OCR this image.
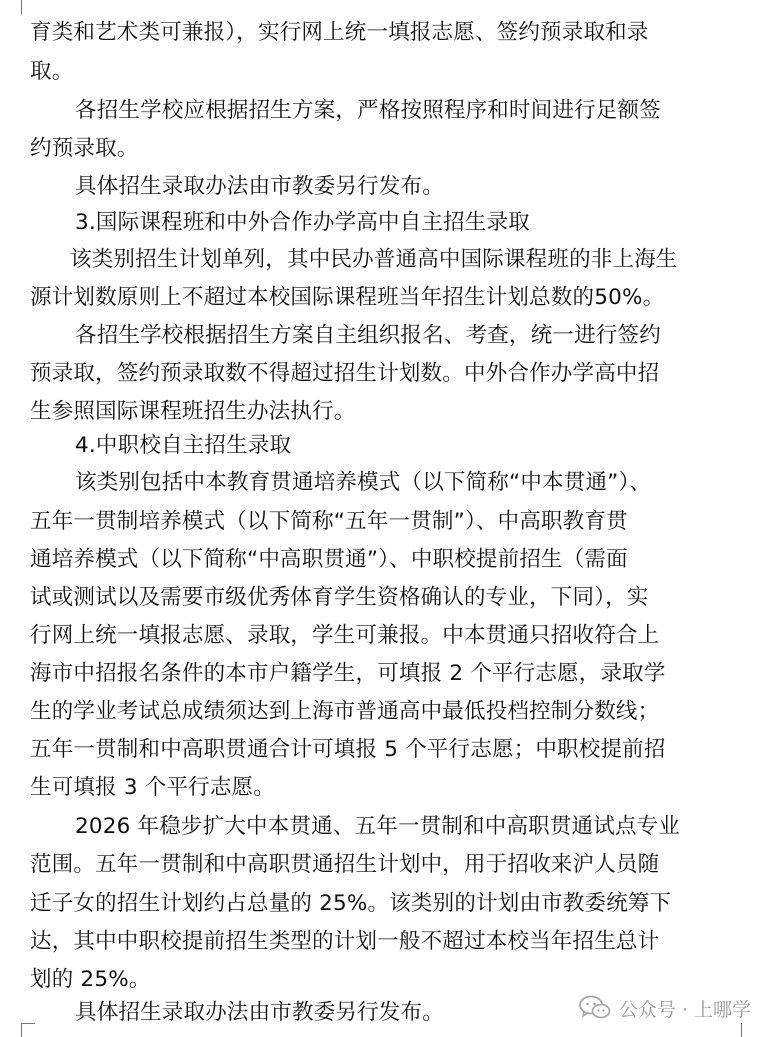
育类和艺术类可兼报），实行网上统一填报志愿、签约预录取和录
取。
各招生学校应根据招生方案，严格按照程序和时间进行足额签
约预录取。
具体招生录取办法由市教委另行发布。
3.国际课程班和中外合作办学高中自主招生录取
该类别招生计划单列，其中民办普通高中国际课程班的非上海生
源计划数原则上不超过本校国际课程班当年招生计划总数的50%。
各招生学校根据招生方案自主组织报名、考查，统一进行签约
预录取，签约预录取数不得超过招生计划数。中外合作办学高中招
生参照国际课程班招生办法执行。
4.中职校自主招生录取
该类别包括中本教育贯通培养模式（以下简称“中本贯通”）、
五年一贯制培养模式（以下简称“五年一贯制”）、中高职教育贯
通培养模式（以下简称“中高职贯通”）、中职校提前招生（需面
试或测试以及需要市级优秀体育学生资格确认的专业，下同），实
行网上统一填报志愿、录取，学生可兼报。中本贯通只招收符合上
海市中招报名条件的本市户籍学生，可填报 2 个平行志愿，录取学
生的学业考试总成绩须达到上海市普通高中最低投档控制分数线；
五年一贯制和中高职贯通合计可填报 5 个平行志愿；中职校提前招
生可填报 3 个平行志愿。
2026 年稳步扩大中本贯通、五年一贯制和中高职贯通试点专业
范围。五年一贯制和中高职贯通招生计划中，用于招收来沪人员随
迁子女的招生计划约占总量的 25%。该类别的计划由市教委统筹下
达，其中中职校提前招生类型的计划一般不超过本校当年招生总计
划的 25%。
具体招生录取办法由市教委另行发布。	公众号 · 上哪学
